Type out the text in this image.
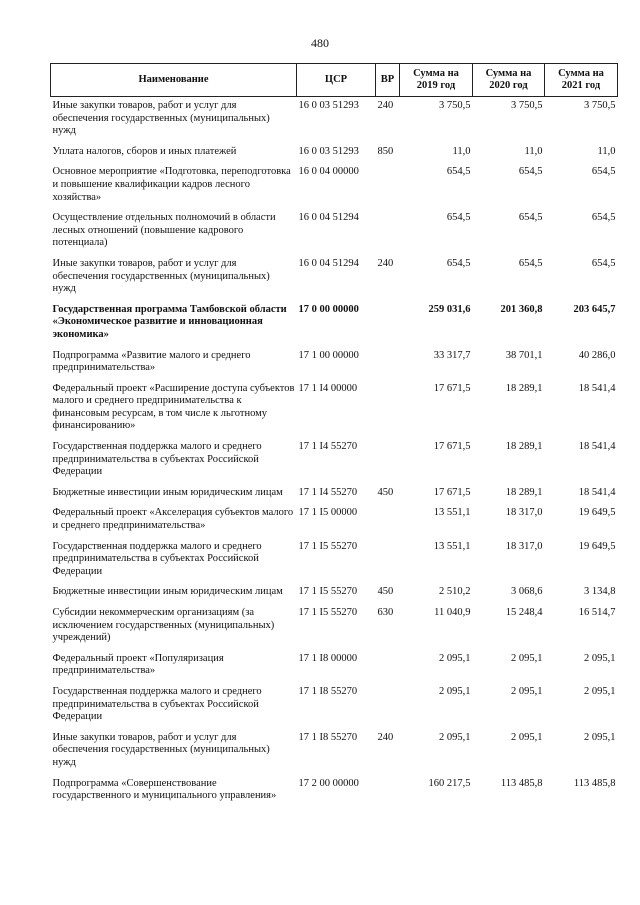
480
Наименование	ЦСР	ВР	Сумма на 2019 год	Сумма на 2020 год	Сумма на 2021 год
Иные закупки товаров, работ и услуг для обеспечения государственных (муниципальных) нужд	16 0 03 51293	240	3 750,5	3 750,5	3 750,5
Уплата налогов, сборов и иных платежей	16 0 03 51293	850	11,0	11,0	11,0
Основное мероприятие «Подготовка, переподготовка и повышение квалификации кадров лесного хозяйства»	16 0 04 00000		654,5	654,5	654,5
Осуществление отдельных полномочий в области лесных отношений (повышение кадрового потенциала)	16 0 04 51294		654,5	654,5	654,5
Иные закупки товаров, работ и услуг для обеспечения государственных (муниципальных) нужд	16 0 04 51294	240	654,5	654,5	654,5
Государственная программа Тамбовской области «Экономическое развитие и инновационная экономика»	17 0 00 00000		259 031,6	201 360,8	203 645,7
Подпрограмма «Развитие малого и среднего предпринимательства»	17 1 00 00000		33 317,7	38 701,1	40 286,0
Федеральный проект «Расширение доступа субъектов малого и среднего предпринимательства к финансовым ресурсам, в том числе к льготному финансированию»	17 1 I4 00000		17 671,5	18 289,1	18 541,4
Государственная поддержка малого и среднего предпринимательства в субъектах Российской Федерации	17 1 I4 55270		17 671,5	18 289,1	18 541,4
Бюджетные инвестиции иным юридическим лицам	17 1 I4 55270	450	17 671,5	18 289,1	18 541,4
Федеральный проект «Акселерация субъектов малого и среднего предпринимательства»	17 1 I5 00000		13 551,1	18 317,0	19 649,5
Государственная поддержка малого и среднего предпринимательства в субъектах Российской Федерации	17 1 I5 55270		13 551,1	18 317,0	19 649,5
Бюджетные инвестиции иным юридическим лицам	17 1 I5 55270	450	2 510,2	3 068,6	3 134,8
Субсидии некоммерческим организациям (за исключением государственных (муниципальных) учреждений)	17 1 I5 55270	630	11 040,9	15 248,4	16 514,7
Федеральный проект «Популяризация предпринимательства»	17 1 I8 00000		2 095,1	2 095,1	2 095,1
Государственная поддержка малого и среднего предпринимательства в субъектах Российской Федерации	17 1 I8 55270		2 095,1	2 095,1	2 095,1
Иные закупки товаров, работ и услуг для обеспечения государственных (муниципальных) нужд	17 1 I8 55270	240	2 095,1	2 095,1	2 095,1
Подпрограмма «Совершенствование государственного и муниципального управления»	17 2 00 00000		160 217,5	113 485,8	113 485,8
